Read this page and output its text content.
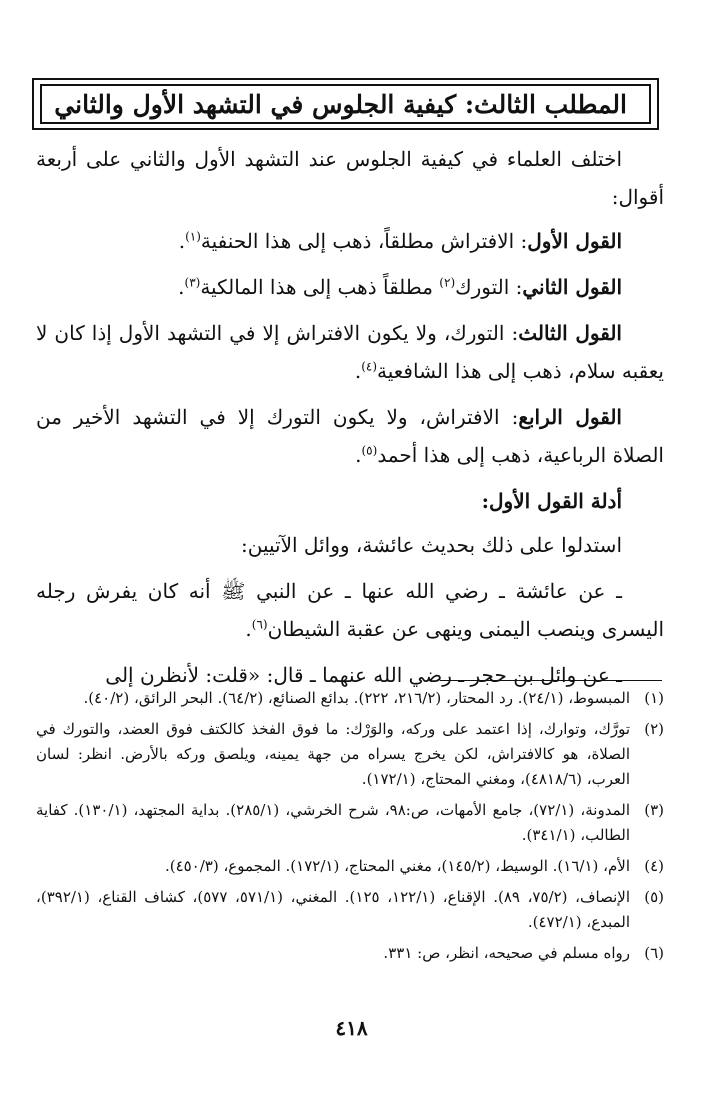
المطلب الثالث: كيفية الجلوس في التشهد الأول والثاني

اختلف العلماء في كيفية الجلوس عند التشهد الأول والثاني على أربعة أقوال:

القول الأول: الافتراش مطلقاً، ذهب إلى هذا الحنفية$^{(١)}$.

القول الثاني: التورك$^{(٢)}$ مطلقاً ذهب إلى هذا المالكية$^{(٣)}$.

القول الثالث: التورك، ولا يكون الافتراش إلا في التشهد الأول إذا كان لا يعقبه سلام، ذهب إلى هذا الشافعية$^{(٤)}$.

القول الرابع: الافتراش، ولا يكون التورك إلا في التشهد الأخير من الصلاة الرباعية، ذهب إلى هذا أحمد$^{(٥)}$.

أدلة القول الأول:

استدلوا على ذلك بحديث عائشة، ووائل الآتيين:

ـ عن عائشة ـ رضي الله عنها ـ عن النبي ﷺ أنه كان يفرش رجله اليسرى وينصب اليمنى وينهى عن عقبة الشيطان$^{(٦)}$.

ـ عن وائل بن حجر ـ رضي الله عنهما ـ قال: «قلت: لأنظرن إلى

(١)
المبسوط، (٢٤/١). رد المحتار، (٢١٦/٢، ٢٢٢). بدائع الصنائع، (٦٤/٢). البحر الرائق، (٤٠/٢).
(٢)
تورَّك، وتوارك، إذا اعتمد على وركه، والوَرْك: ما فوق الفخذ كالكتف فوق العضد، والتورك في الصلاة، هو كالافتراش، لكن يخرج يسراه من جهة يمينه، ويلصق وركه بالأرض. انظر: لسان العرب، (٤٨١٨/٦)، ومغني المحتاج، (١٧٢/١).
(٣)
المدونة، (٧٢/١)، جامع الأمهات، ص:٩٨، شرح الخرشي، (٢٨٥/١). بداية المجتهد، (١٣٠/١). كفاية الطالب، (٣٤١/١).
(٤)
الأم، (١٦/١). الوسيط، (١٤٥/٢)، مغني المحتاج، (١٧٢/١). المجموع، (٤٥٠/٣).
(٥)
الإنصاف، (٧٥/٢، ٨٩). الإقناع، (١٢٢/١، ١٢٥). المغني، (٥٧١/١، ٥٧٧)، كشاف القناع، (٣٩٢/١)، المبدع، (٤٧٢/١).
(٦)
رواه مسلم في صحيحه، انظر، ص: ٣٣١.
٤١٨
